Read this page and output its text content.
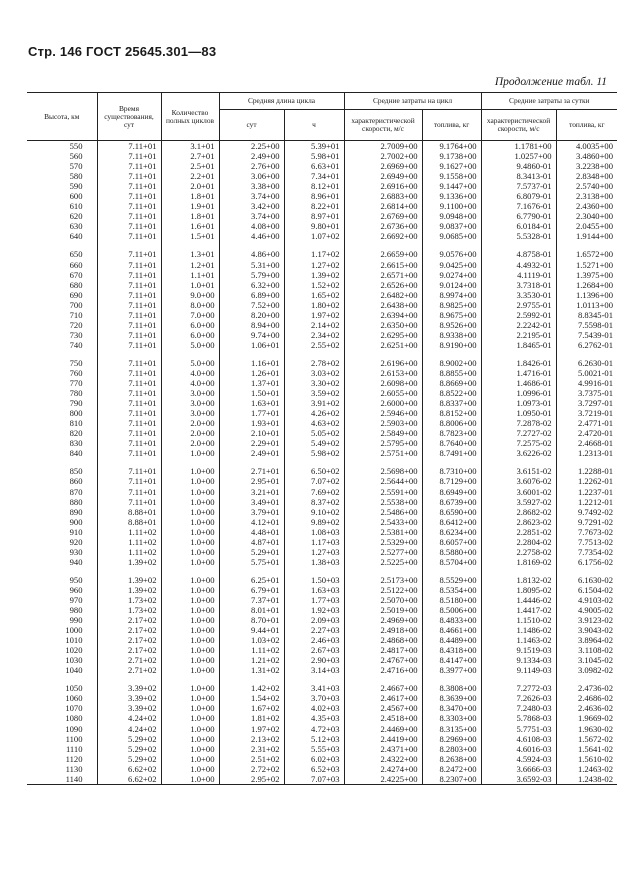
Стр. 146 ГОСТ 25645.301—83
Продолжение табл. 11
Высота, км	Время существования, сут	Количество полных циклов	Средняя длина цикла		Средние затраты на цикл		Средние затраты за сутки	
			сут	ч	характеристической скорости, м/с	топлива, кг	характеристической скорости, м/с	топлива, кг
550	7.11+01	3.1+01	2.25+00	5.39+01	2.7009+00	9.1764+00	1.1781+00	4.0035+00
560	7.11+01	2.7+01	2.49+00	5.98+01	2.7002+00	9.1738+00	1.0257+00	3.4860+00
570	7.11+01	2.5+01	2.76+00	6.63+01	2.6969+00	9.1627+00	9.4860-01	3.2238+00
580	7.11+01	2.2+01	3.06+00	7.34+01	2.6949+00	9.1558+00	8.3413-01	2.8348+00
590	7.11+01	2.0+01	3.38+00	8.12+01	2.6916+00	9.1447+00	7.5737-01	2.5740+00
600	7.11+01	1.8+01	3.74+00	8.96+01	2.6883+00	9.1336+00	6.8079-01	2.3138+00
610	7.11+01	1.9+01	3.42+00	8.22+01	2.6814+00	9.1100+00	7.1676-01	2.4360+00
620	7.11+01	1.8+01	3.74+00	8.97+01	2.6769+00	9.0948+00	6.7790-01	2.3040+00
630	7.11+01	1.6+01	4.08+00	9.80+01	2.6736+00	9.0837+00	6.0184-01	2.0455+00
640	7.11+01	1.5+01	4.46+00	1.07+02	2.6692+00	9.0685+00	5.5328-01	1.9144+00

650	7.11+01	1.3+01	4.86+00	1.17+02	2.6659+00	9.0576+00	4.8758-01	1.6572+00
660	7.11+01	1.2+01	5.31+00	1.27+02	2.6615+00	9.0425+00	4.4932-01	1.5271+00
670	7.11+01	1.1+01	5.79+00	1.39+02	2.6571+00	9.0274+00	4.1119-01	1.3975+00
680	7.11+01	1.0+01	6.32+00	1.52+02	2.6526+00	9.0124+00	3.7318-01	1.2684+00
690	7.11+01	9.0+00	6.89+00	1.65+02	2.6482+00	8.9974+00	3.3530-01	1.1396+00
700	7.11+01	8.0+00	7.52+00	1.80+02	2.6438+00	8.9825+00	2.9755-01	1.0113+00
710	7.11+01	7.0+00	8.20+00	1.97+02	2.6394+00	8.9675+00	2.5992-01	8.8345-01
720	7.11+01	6.0+00	8.94+00	2.14+02	2.6350+00	8.9526+00	2.2242-01	7.5598-01
730	7.11+01	6.0+00	9.74+00	2.34+02	2.6295+00	8.9338+00	2.2195-01	7.5439-01
740	7.11+01	5.0+00	1.06+01	2.55+02	2.6251+00	8.9190+00	1.8465-01	6.2762-01

750	7.11+01	5.0+00	1.16+01	2.78+02	2.6196+00	8.9002+00	1.8426-01	6.2630-01
760	7.11+01	4.0+00	1.26+01	3.03+02	2.6153+00	8.8855+00	1.4716-01	5.0021-01
770	7.11+01	4.0+00	1.37+01	3.30+02	2.6098+00	8.8669+00	1.4686-01	4.9916-01
780	7.11+01	3.0+00	1.50+01	3.59+02	2.6055+00	8.8522+00	1.0996-01	3.7375-01
790	7.11+01	3.0+00	1.63+01	3.91+02	2.6000+00	8.8337+00	1.0973-01	3.7297-01
800	7.11+01	3.0+00	1.77+01	4.26+02	2.5946+00	8.8152+00	1.0950-01	3.7219-01
810	7.11+01	2.0+00	1.93+01	4.63+02	2.5903+00	8.8006+00	7.2878-02	2.4771-01
820	7.11+01	2.0+00	2.10+01	5.05+02	2.5849+00	8.7823+00	7.2727-02	2.4720-01
830	7.11+01	2.0+00	2.29+01	5.49+02	2.5795+00	8.7640+00	7.2575-02	2.4668-01
840	7.11+01	1.0+00	2.49+01	5.98+02	2.5751+00	8.7491+00	3.6226-02	1.2313-01

850	7.11+01	1.0+00	2.71+01	6.50+02	2.5698+00	8.7310+00	3.6151-02	1.2288-01
860	7.11+01	1.0+00	2.95+01	7.07+02	2.5644+00	8.7129+00	3.6076-02	1.2262-01
870	7.11+01	1.0+00	3.21+01	7.69+02	2.5591+00	8.6949+00	3.6001-02	1.2237-01
880	7.11+01	1.0+00	3.49+01	8.37+02	2.5538+00	8.6739+00	3.5927-02	1.2212-01
890	8.88+01	1.0+00	3.79+01	9.10+02	2.5486+00	8.6590+00	2.8682-02	9.7492-02
900	8.88+01	1.0+00	4.12+01	9.89+02	2.5433+00	8.6412+00	2.8623-02	9.7291-02
910	1.11+02	1.0+00	4.48+01	1.08+03	2.5381+00	8.6234+00	2.2851-02	7.7673-02
920	1.11+02	1.0+00	4.87+01	1.17+03	2.5329+00	8.6057+00	2.2804-02	7.7513-02
930	1.11+02	1.0+00	5.29+01	1.27+03	2.5277+00	8.5880+00	2.2758-02	7.7354-02
940	1.39+02	1.0+00	5.75+01	1.38+03	2.5225+00	8.5704+00	1.8169-02	6.1756-02

950	1.39+02	1.0+00	6.25+01	1.50+03	2.5173+00	8.5529+00	1.8132-02	6.1630-02
960	1.39+02	1.0+00	6.79+01	1.63+03	2.5122+00	8.5354+00	1.8095-02	6.1504-02
970	1.73+02	1.0+00	7.37+01	1.77+03	2.5070+00	8.5180+00	1.4446-02	4.9103-02
980	1.73+02	1.0+00	8.01+01	1.92+03	2.5019+00	8.5006+00	1.4417-02	4.9005-02
990	2.17+02	1.0+00	8.70+01	2.09+03	2.4969+00	8.4833+00	1.1510-02	3.9123-02
1000	2.17+02	1.0+00	9.44+01	2.27+03	2.4918+00	8.4661+00	1.1486-02	3.9043-02
1010	2.17+02	1.0+00	1.03+02	2.46+03	2.4868+00	8.4489+00	1.1463-02	3.8964-02
1020	2.17+02	1.0+00	1.11+02	2.67+03	2.4817+00	8.4318+00	9.1519-03	3.1108-02
1030	2.71+02	1.0+00	1.21+02	2.90+03	2.4767+00	8.4147+00	9.1334-03	3.1045-02
1040	2.71+02	1.0+00	1.31+02	3.14+03	2.4716+00	8.3977+00	9.1149-03	3.0982-02

1050	3.39+02	1.0+00	1.42+02	3.41+03	2.4667+00	8.3808+00	7.2772-03	2.4736-02
1060	3.39+02	1.0+00	1.54+02	3.70+03	2.4617+00	8.3639+00	7.2626-03	2.4686-02
1070	3.39+02	1.0+00	1.67+02	4.02+03	2.4567+00	8.3470+00	7.2480-03	2.4636-02
1080	4.24+02	1.0+00	1.81+02	4.35+03	2.4518+00	8.3303+00	5.7868-03	1.9669-02
1090	4.24+02	1.0+00	1.97+02	4.72+03	2.4469+00	8.3135+00	5.7751-03	1.9630-02
1100	5.29+02	1.0+00	2.13+02	5.12+03	2.4419+00	8.2969+00	4.6108-03	1.5672-02
1110	5.29+02	1.0+00	2.31+02	5.55+03	2.4371+00	8.2803+00	4.6016-03	1.5641-02
1120	5.29+02	1.0+00	2.51+02	6.02+03	2.4322+00	8.2638+00	4.5924-03	1.5610-02
1130	6.62+02	1.0+00	2.72+02	6.52+03	2.4274+00	8.2472+00	3.6666-03	1.2463-02
1140	6.62+02	1.0+00	2.95+02	7.07+03	2.4225+00	8.2307+00	3.6592-03	1.2438-02
